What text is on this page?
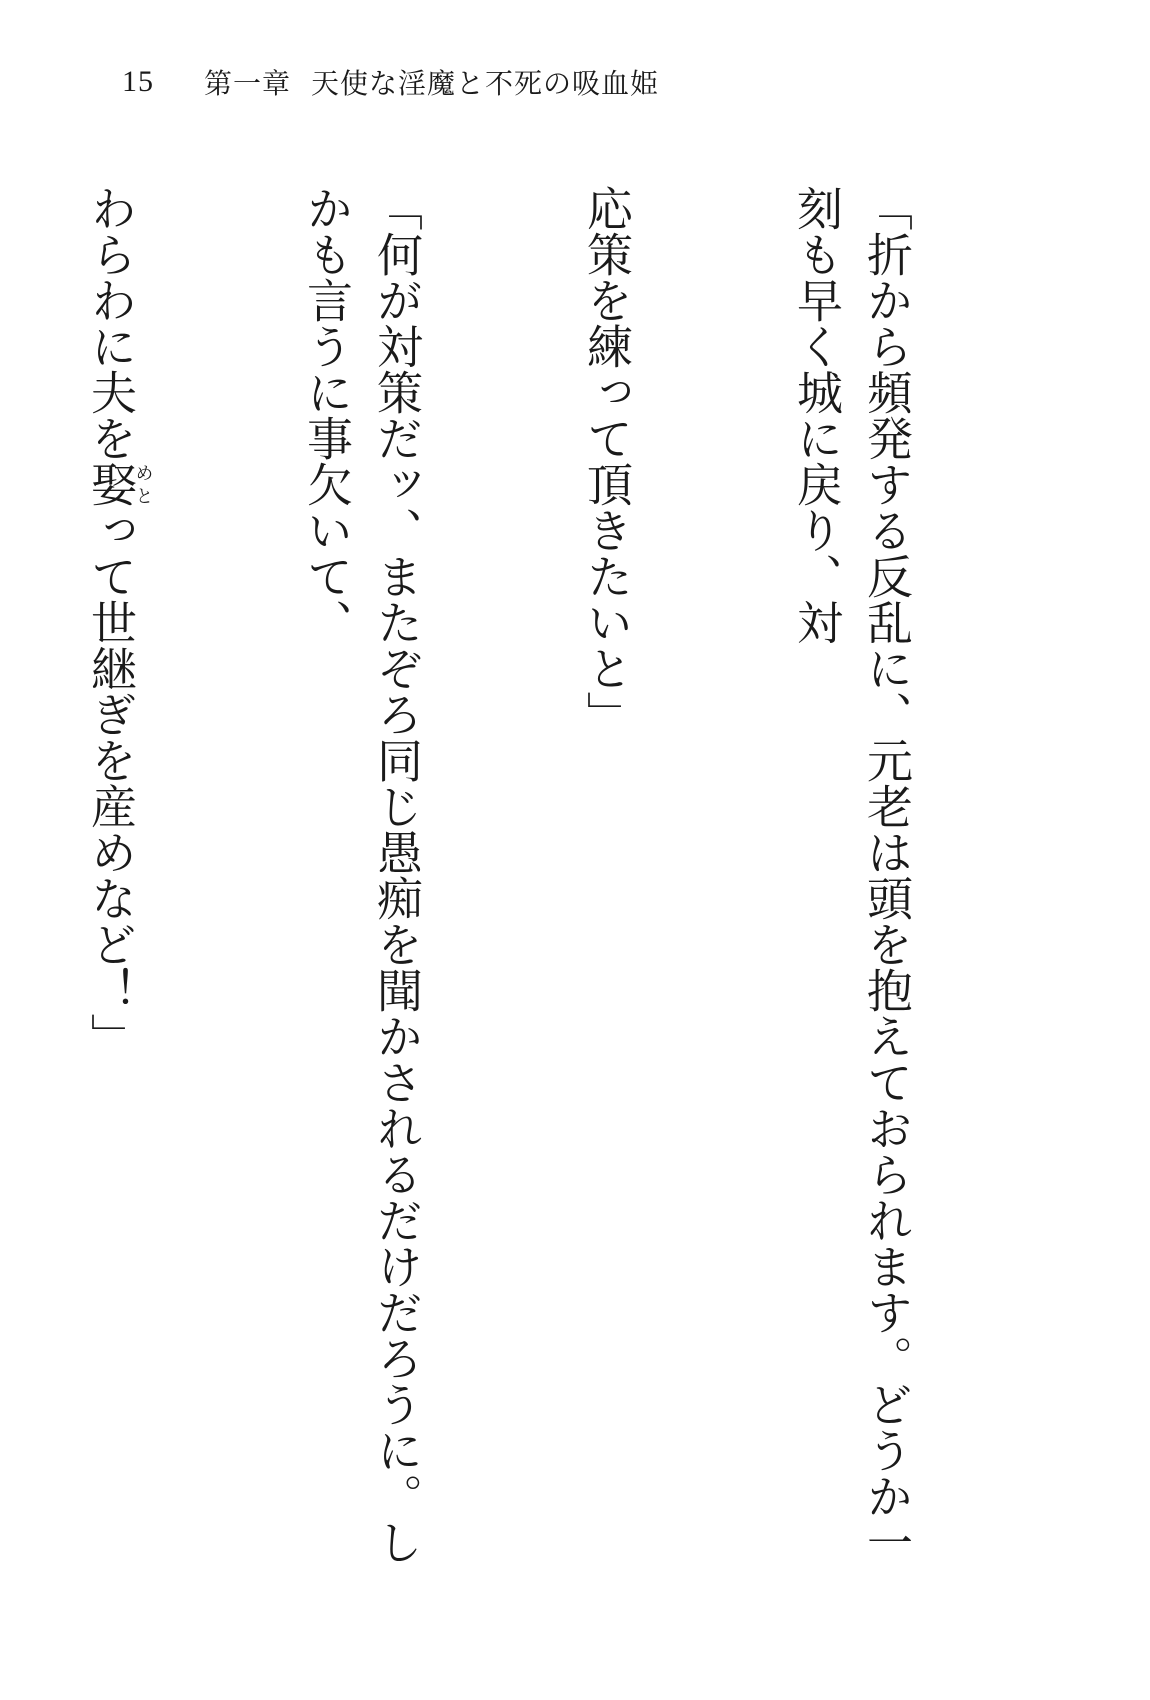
15 第一章 天使な淫魔と不死の吸血姫

「折から頻発する反乱に、元老は頭を抱えておられます。どうか一刻も早く城に戻り、対

応策を練って頂きたいと」

「何が対策だッ、またぞろ同じ愚痴を聞かされるだけだろうに。しかも言うに事欠いて、

わらわに夫を娶めとって世継ぎを産めなど！」
